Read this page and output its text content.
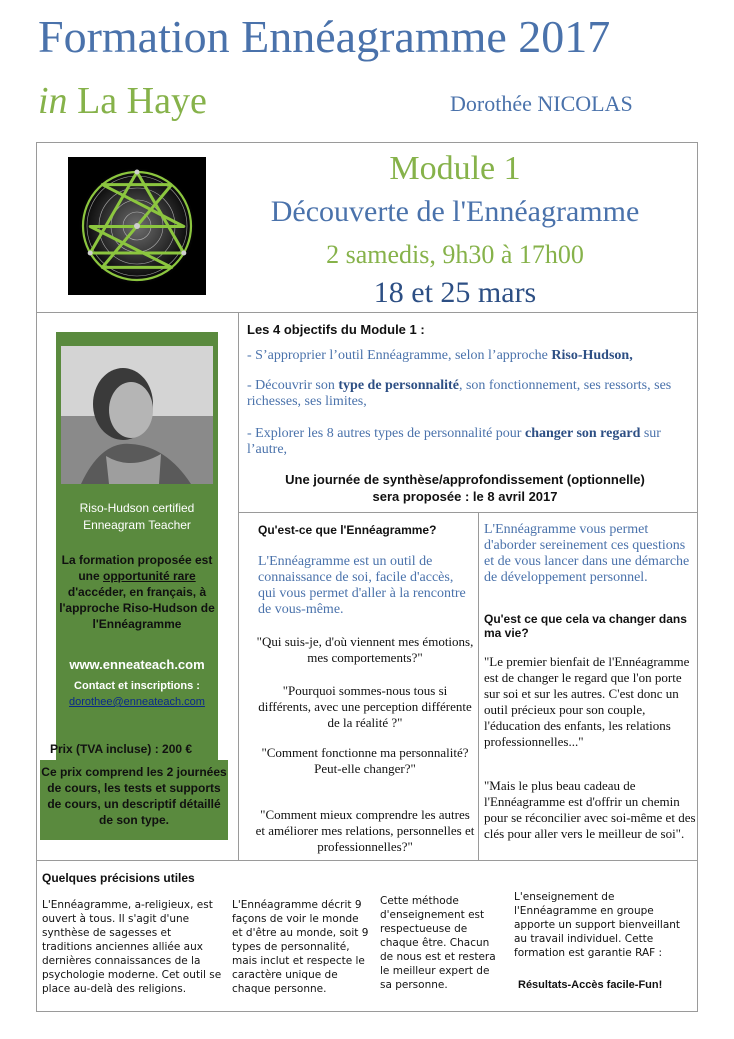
Formation Ennéagramme 2017
in La Haye	Dorothée NICOLAS
Module 1
Découverte de l'Ennéagramme
2 samedis, 9h30 à 17h00
18 et 25 mars
Riso-Hudson certified
Enneagram Teacher
La formation proposée est une opportunité rare d'accéder, en français, à l'approche Riso-Hudson de l'Ennéagramme
www.enneateach.com
Contact et inscriptions :
dorothee@enneateach.com
Prix (TVA incluse) : 200 €
Ce prix comprend les 2 journées de cours, les tests et supports de cours, un descriptif détaillé de son type.
Les 4 objectifs du Module 1 :
- S’approprier l’outil Ennéagramme, selon l’approche Riso-Hudson,
- Découvrir son type de personnalité, son fonctionnement, ses ressorts, ses richesses, ses limites,
- Explorer les 8 autres types de personnalité pour changer son regard sur l’autre,
Une journée de synthèse/approfondissement (optionnelle)
sera proposée : le 8 avril 2017
Qu'est-ce que l'Ennéagramme?
L'Ennéagramme est un outil de connaissance de soi, facile d'accès, qui vous permet d'aller à la rencontre de vous-même.
"Qui suis-je, d'où viennent mes émotions, mes comportements?"
"Pourquoi sommes-nous tous si différents, avec une perception différente de la réalité ?"
"Comment fonctionne ma personnalité? Peut-elle changer?"
"Comment mieux comprendre les autres et améliorer mes relations, personnelles et professionnelles?"
L'Ennéagramme vous permet d'aborder sereinement ces questions et de vous lancer dans une démarche de développement personnel.
Qu'est ce que cela va changer dans ma vie?
"Le premier bienfait de l'Ennéagramme est de changer le regard que l'on porte sur soi et sur les autres. C'est donc un outil précieux pour son couple, l'éducation des enfants, les relations professionnelles..."
"Mais le plus beau cadeau de l'Ennéagramme est d'offrir un chemin pour se réconcilier avec soi-même et des clés pour aller vers le meilleur de soi".
Quelques précisions utiles
L'Ennéagramme, a-religieux, est ouvert à tous. Il s'agit d'une synthèse de sagesses et traditions anciennes alliée aux dernières connaissances de la psychologie moderne. Cet outil se place au-delà des religions.
L'Ennéagramme décrit 9 façons de voir le monde et d'être au monde, soit 9 types de personnalité, mais inclut et respecte le caractère unique de chaque personne.
Cette méthode d'enseignement est respectueuse de chaque être. Chacun de nous est et restera le meilleur expert de sa personne.
L'enseignement de l'Ennéagramme en groupe apporte un support bienveillant au travail individuel. Cette formation est garantie RAF :
Résultats-Accès facile-Fun!
